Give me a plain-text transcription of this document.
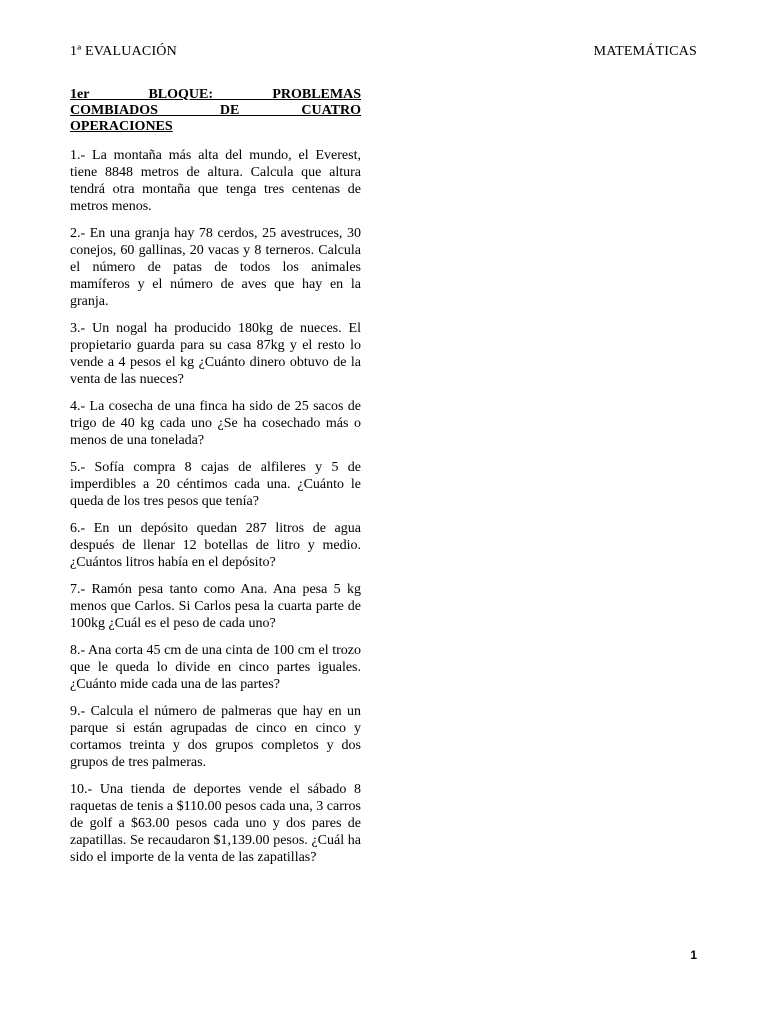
1ª EVALUACIÓN	MATEMÁTICAS
1er BLOQUE: PROBLEMAS
COMBIADOS DE CUATRO
OPERACIONES

1.- La montaña más alta del mundo, el Everest, tiene 8848 metros de altura. Calcula que altura tendrá otra montaña que tenga tres centenas de metros menos.

2.- En una granja hay 78 cerdos, 25 avestruces, 30 conejos, 60 gallinas, 20 vacas y 8 terneros. Calcula el número de patas de todos los animales mamíferos y el número de aves que hay en la granja.

3.- Un nogal ha producido 180kg de nueces. El propietario guarda para su casa 87kg y el resto lo vende a 4 pesos el kg ¿Cuánto dinero obtuvo de la venta de las nueces?

4.- La cosecha de una finca ha sido de 25 sacos de trigo de 40 kg cada uno ¿Se ha cosechado más o menos de una tonelada?

5.- Sofía compra 8 cajas de alfileres y 5 de imperdibles a 20 céntimos cada una. ¿Cuánto le queda de los tres pesos que tenía?

6.- En un depósito quedan 287 litros de agua después de llenar 12 botellas de litro y medio. ¿Cuántos litros había en el depósito?

7.- Ramón pesa tanto como Ana. Ana pesa 5 kg menos que Carlos. Si Carlos pesa la cuarta parte de 100kg ¿Cuál es el peso de cada uno?

8.- Ana corta 45 cm de una cinta de 100 cm el trozo que le queda lo divide en cinco partes iguales. ¿Cuánto mide cada una de las partes?

9.- Calcula el número de palmeras que hay en un parque si están agrupadas de cinco en cinco y cortamos treinta y dos grupos completos y dos grupos de tres palmeras.

10.- Una tienda de deportes vende el sábado 8 raquetas de tenis a $110.00 pesos cada una, 3 carros de golf a $63.00 pesos cada uno y dos pares de zapatillas. Se recaudaron $1,139.00 pesos. ¿Cuál ha sido el importe de la venta de las zapatillas?

1
